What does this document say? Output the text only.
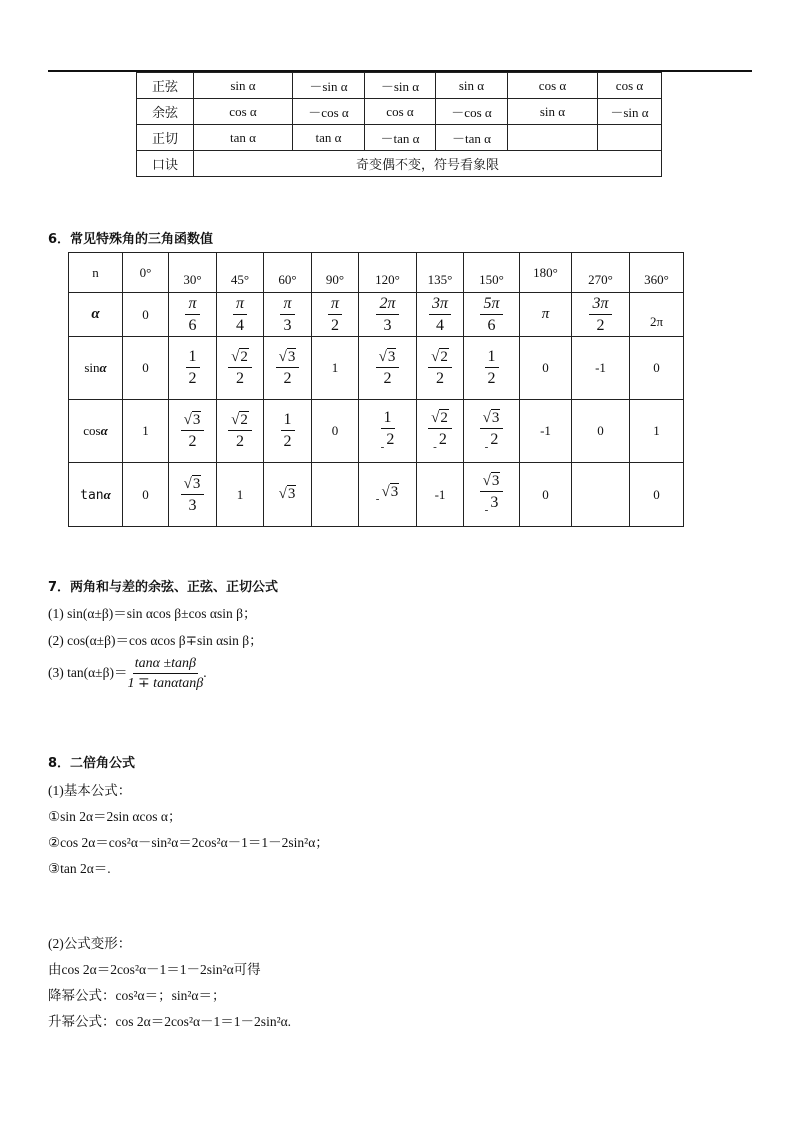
正弦	sin α	－sin α	－sin α	sin α	cos α	cos α
余弦	cos α	－cos α	cos α	－cos α	sin α	－sin α
正切	tan α	tan α	－tan α	－tan α		
口诀	奇变偶不变，符号看象限					
6．常见特殊角的三角函数值
n	0°	30°	45°	60°	90°	120°	135°	150°	180°	270°	360°
α	0	$\frac{\pi}{6}$	$\frac{\pi}{4}$	$\frac{\pi}{3}$	$\frac{\pi}{2}$	$\frac{2\pi}{3}$	$\frac{3\pi}{4}$	$\frac{5\pi}{6}$	π	$\frac{3\pi}{2}$	2π
sinα	0	$\frac{1}{2}$	$\frac{√2}{2}$	$\frac{√3}{2}$	1	$\frac{√3}{2}$	$\frac{√2}{2}$	$\frac{1}{2}$	0	-1	0
cosα	1	$\frac{√3}{2}$	$\frac{√2}{2}$	$\frac{1}{2}$	0	$\frac{1}{_- 2}$	$\frac{√2}{_- 2}$	$\frac{√3}{_- 2}$	-1	0	1
tanα	0	$\frac{√3}{3}$	1	√3		$_-$ √3	-1	$\frac{√3}{_- 3}$	0		0
7．两角和与差的余弦、正弦、正切公式
(1) sin(α±β)＝sin αcos β±cos αsin β；
(2) cos(α±β)＝cos αcos β∓sin αsin β；
(3) $\tan(\alpha\pm\beta)= \frac{\tan\alpha \pm\tan\beta}{1 \mp \tan\alpha\tan\beta}$ .
8．二倍角公式
(1)基本公式：
①sin 2α＝2sin αcos α；
②cos 2α＝cos²α－sin²α＝2cos²α－1＝1－2sin²α；
③tan 2α＝.
(2)公式变形：
由cos 2α＝2cos²α－1＝1－2sin²α可得
降幂公式：cos²α＝；sin²α＝；
升幂公式：cos 2α＝2cos²α－1＝1－2sin²α.
